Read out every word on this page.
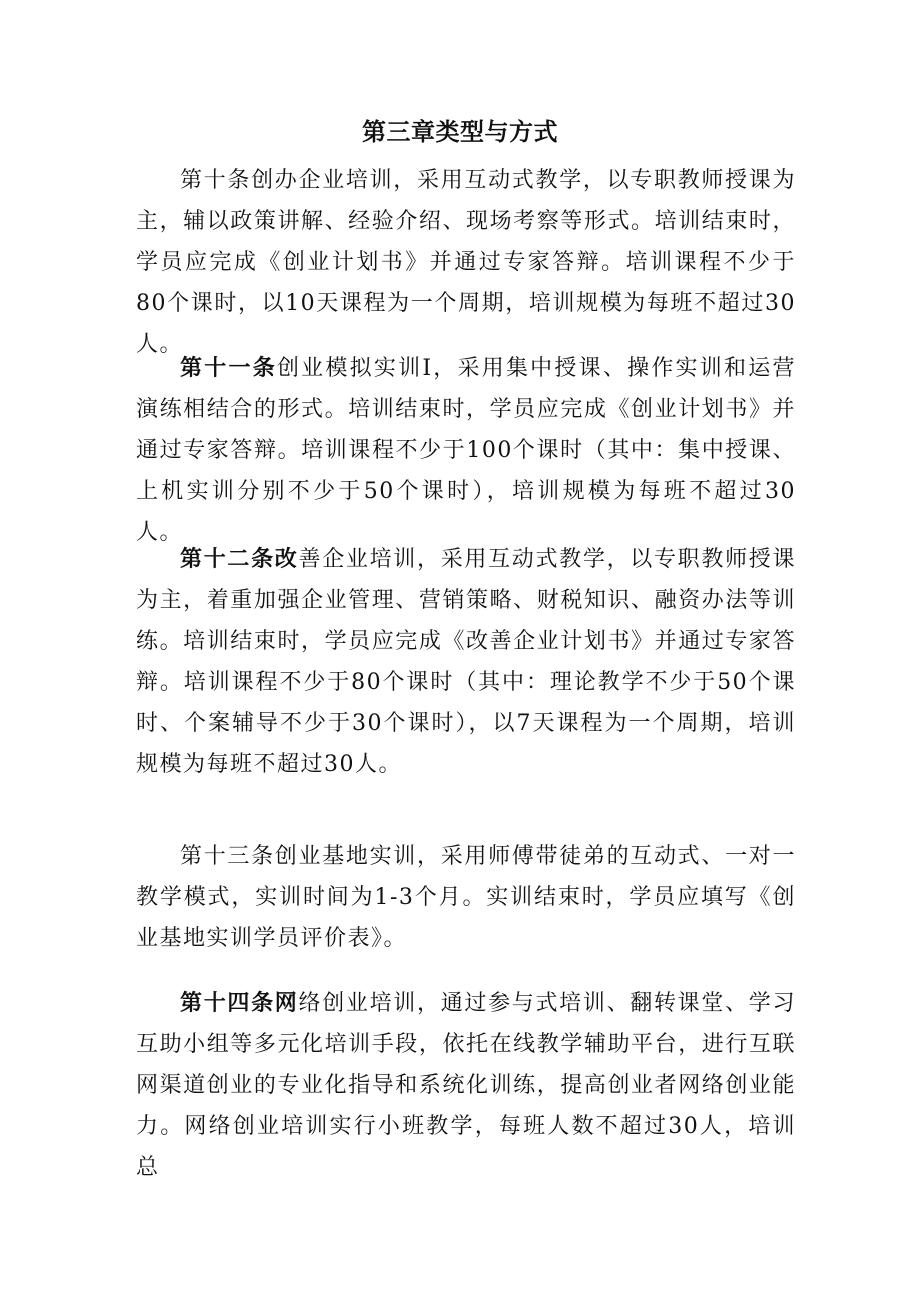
第三章类型与方式

第十条创办企业培训，采用互动式教学，以专职教师授课为主，辅以政策讲解、经验介绍、现场考察等形式。培训结束时，学员应完成《创业计划书》并通过专家答辩。培训课程不少于80个课时，以10天课程为一个周期，培训规模为每班不超过30人。

第十一条创业模拟实训I，采用集中授课、操作实训和运营演练相结合的形式。培训结束时，学员应完成《创业计划书》并通过专家答辩。培训课程不少于100个课时（其中：集中授课、上机实训分别不少于50个课时），培训规模为每班不超过30人。

第十二条改善企业培训，采用互动式教学，以专职教师授课为主，着重加强企业管理、营销策略、财税知识、融资办法等训练。培训结束时，学员应完成《改善企业计划书》并通过专家答辩。培训课程不少于80个课时（其中：理论教学不少于50个课时、个案辅导不少于30个课时），以7天课程为一个周期，培训规模为每班不超过30人。

第十三条创业基地实训，采用师傅带徒弟的互动式、一对一教学模式，实训时间为1-3个月。实训结束时，学员应填写《创业基地实训学员评价表》。

第十四条网络创业培训，通过参与式培训、翻转课堂、学习互助小组等多元化培训手段，依托在线教学辅助平台，进行互联网渠道创业的专业化指导和系统化训练，提高创业者网络创业能力。网络创业培训实行小班教学，每班人数不超过30人，培训总
